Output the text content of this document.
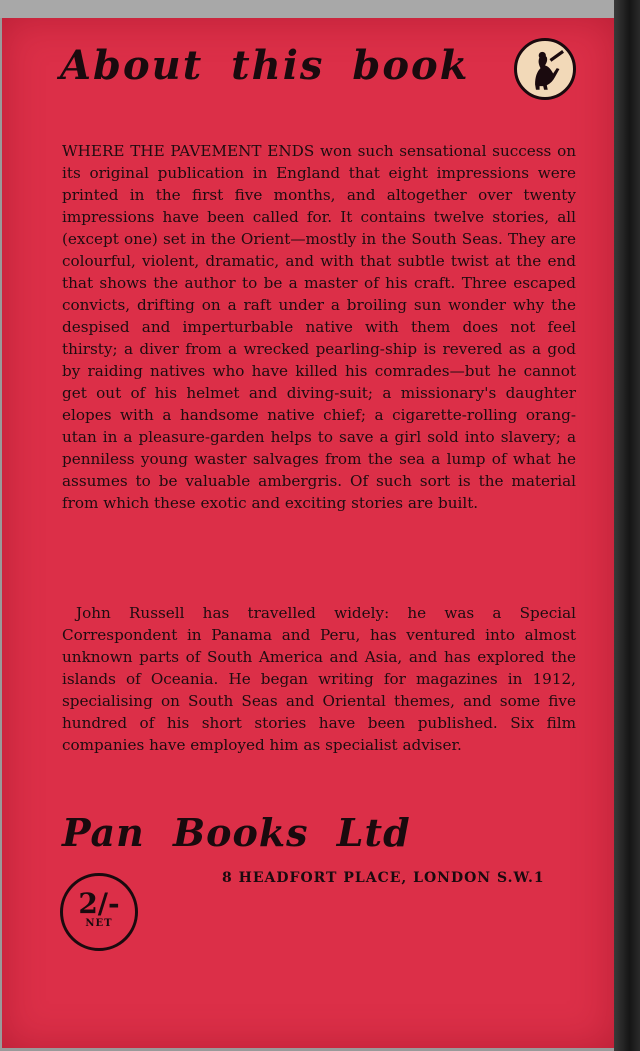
About this book

WHERE THE PAVEMENT ENDS won such sensational success on its original publication in England that eight impressions were printed in the first five months, and altogether over twenty impressions have been called for. It contains twelve stories, all (except one) set in the Orient—mostly in the South Seas. They are colourful, violent, dramatic, and with that subtle twist at the end that shows the author to be a master of his craft. Three escaped convicts, drifting on a raft under a broiling sun wonder why the despised and imperturbable native with them does not feel thirsty; a diver from a wrecked pearling-ship is revered as a god by raiding natives who have killed his comrades—but he cannot get out of his helmet and diving-suit; a missionary's daughter elopes with a handsome native chief; a cigarette-rolling orang-utan in a pleasure-garden helps to save a girl sold into slavery; a penniless young waster salvages from the sea a lump of what he assumes to be valuable ambergris. Of such sort is the material from which these exotic and exciting stories are built.

John Russell has travelled widely: he was a Special Correspondent in Panama and Peru, has ventured into almost unknown parts of South America and Asia, and has explored the islands of Oceania. He began writing for magazines in 1912, specialising on South Seas and Oriental themes, and some five hundred of his short stories have been published. Six film companies have employed him as specialist adviser.

Pan Books Ltd

8 HEADFORT PLACE, LONDON S.W.1

2/-
NET
